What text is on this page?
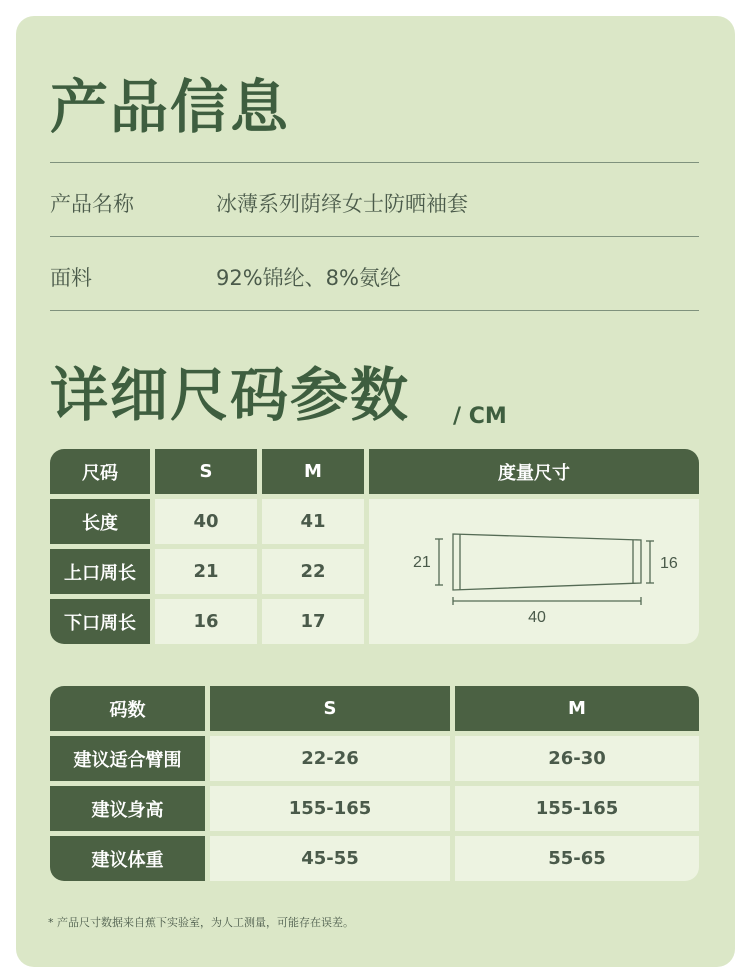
产品信息
产品名称	冰薄系列荫绎女士防晒袖套
面料	92%锦纶、8%氨纶
详细尺码参数 / CM
尺码	S	M	度量尺寸
长度	40	41
上口周长	21	22
下口周长	16	17
21	16
40
码数	S	M
建议适合臂围	22-26	26-30
建议身高	155-165	155-165
建议体重	45-55	55-65
* 产品尺寸数据来自蕉下实验室，为人工测量，可能存在误差。
